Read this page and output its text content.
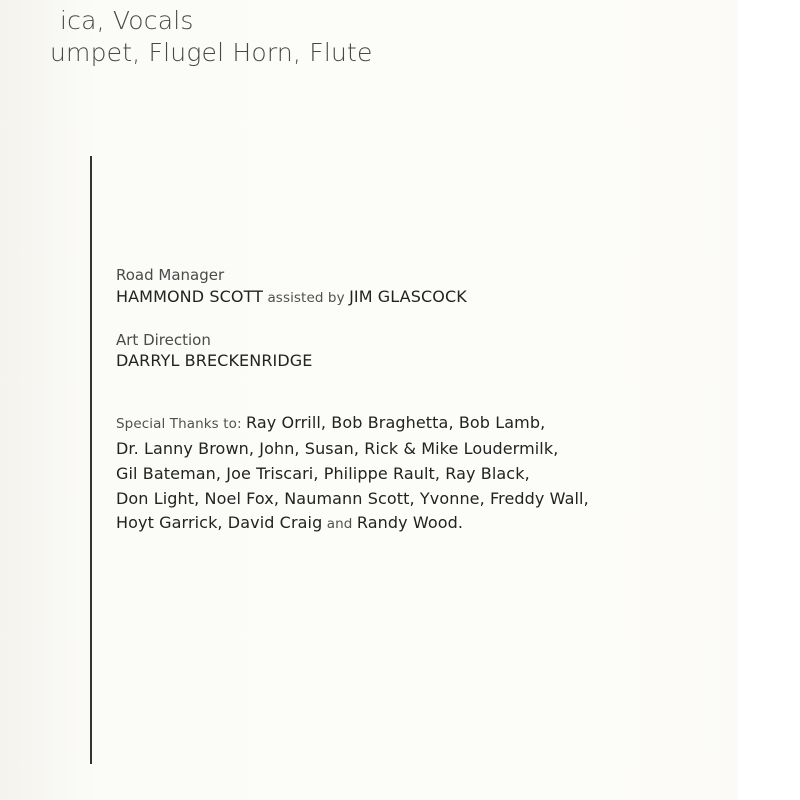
ica, Vocals
umpet, Flugel Horn, Flute
Road Manager
HAMMOND SCOTT assisted by JIM GLASCOCK
Art Direction
DARRYL BRECKENRIDGE
Special Thanks to: Ray Orrill, Bob Braghetta, Bob Lamb,
Dr. Lanny Brown, John, Susan, Rick & Mike Loudermilk,
Gil Bateman, Joe Triscari, Philippe Rault, Ray Black,
Don Light, Noel Fox, Naumann Scott, Yvonne, Freddy Wall,
Hoyt Garrick, David Craig and Randy Wood.
